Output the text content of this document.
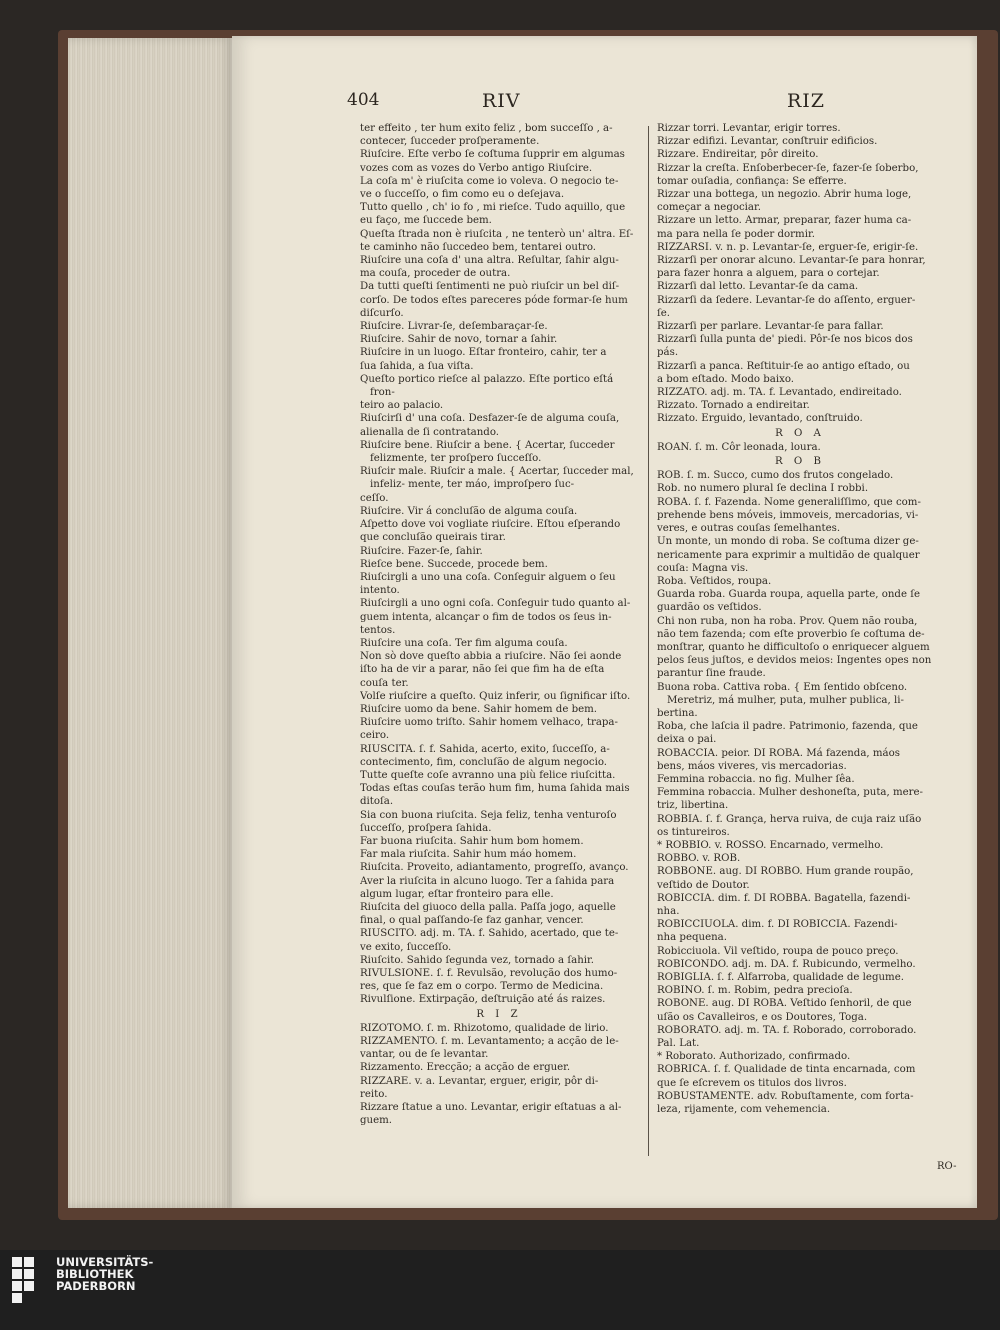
404	RIV	RIZ
ter effeito , ter hum exito feliz , bom succeſſo , a-
contecer, ſucceder proſperamente.
Riuſcire. Eſte verbo ſe coſtuma ſupprir em algumas
vozes com as vozes do Verbo antigo Riuſcire.
La coſa m' è riuſcita come io voleva. O negocio te-
ve o ſucceſſo, o fim como eu o deſejava.
Tutto quello , ch' io fo , mi rieſce. Tudo aquillo, que
eu faço, me ſuccede bem.
Queſta ſtrada non è riuſcita , ne tenterò un' altra. Eſ-
te caminho não ſuccedeo bem, tentarei outro.
Riuſcire una coſa d' una altra. Reſultar, ſahir algu-
ma couſa, proceder de outra.
Da tutti queſti ſentimenti ne può riuſcir un bel diſ-
corſo. De todos eſtes pareceres póde formar-ſe hum
diſcurſo.
Riuſcire. Livrar-ſe, deſembaraçar-ſe.
Riuſcire. Sahir de novo, tornar a ſahir.
Riuſcire in un luogo. Eſtar fronteiro, cahir, ter a
ſua ſahida, a ſua viſta.
Queſto portico rieſce al palazzo. Eſte portico eſtá fron-
teiro ao palacio.
Riuſcirſi d' una coſa. Desfazer-ſe de alguma couſa,
alienalla de ſi contratando.
Riuſcire bene. Riuſcir a bene. { Acertar, ſucceder felizmente, ter proſpero ſucceſſo.
Riuſcir male. Riuſcir a male. { Acertar, ſucceder mal, infeliz- mente, ter máo, improſpero ſuc-
ceſſo.
Riuſcire. Vir á concluſão de alguma couſa.
Aſpetto dove voi vogliate riuſcire. Eſtou eſperando
que concluſão queirais tirar.
Riuſcire. Fazer-ſe, ſahir.
Rieſce bene. Succede, procede bem.
Riuſcirgli a uno una coſa. Conſeguir alguem o ſeu
intento.
Riuſcirgli a uno ogni coſa. Conſeguir tudo quanto al-
guem intenta, alcançar o fim de todos os ſeus in-
tentos.
Riuſcire una coſa. Ter fim alguma couſa.
Non sò dove queſto abbia a riuſcire. Não ſei aonde
iſto ha de vir a parar, não ſei que fim ha de eſta
couſa ter.
Volſe riuſcire a queſto. Quiz inferir, ou ſignificar iſto.
Riuſcire uomo da bene. Sahir homem de bem.
Riuſcire uomo triſto. Sahir homem velhaco, trapa-
ceiro.
RIUSCITA. ſ. f. Sahida, acerto, exito, ſucceſſo, a-
contecimento, fim, concluſão de algum negocio.
Tutte queſte coſe avranno una più felice riuſcitta.
Todas eſtas couſas terão hum fim, huma ſahida mais
ditoſa.
Sia con buona riuſcita. Seja feliz, tenha venturoſo
ſucceſſo, proſpera ſahida.
Far buona riuſcita. Sahir hum bom homem.
Far mala riuſcita. Sahir hum máo homem.
Riuſcita. Proveito, adiantamento, progreſſo, avanço.
Aver la riuſcita in alcuno luogo. Ter a ſahida para
algum lugar, eſtar fronteiro para elle.
Riuſcita del giuoco della palla. Paſſa jogo, aquelle
final, o qual paſſando-ſe faz ganhar, vencer.
RIUSCITO. adj. m. TA. f. Sahido, acertado, que te-
ve exito, ſucceſſo.
Riuſcito. Sahido ſegunda vez, tornado a ſahir.
RIVULSIONE. ſ. f. Revulsão, revolução dos humo-
res, que ſe faz em o corpo. Termo de Medicina.
Rivulſione. Extirpação, deſtruição até ás raizes.
R I Z
RIZOTOMO. ſ. m. Rhizotomo, qualidade de lirio.
RIZZAMENTO. ſ. m. Levantamento; a acção de le-
vantar, ou de ſe levantar.
Rizzamento. Erecção; a acção de erguer.
RIZZARE. v. a. Levantar, erguer, erigir, pôr di-
reito.
Rizzare ſtatue a uno. Levantar, erigir eſtatuas a al-
guem.
Rizzar torri. Levantar, erigir torres.
Rizzar edifizi. Levantar, conſtruir edificios.
Rizzare. Endireitar, pôr direito.
Rizzar la creſta. Enſoberbecer-ſe, fazer-ſe ſoberbo,
tomar ouſadia, confiança: Se efferre.
Rizzar una bottega, un negozio. Abrir huma loge,
começar a negociar.
Rizzare un letto. Armar, preparar, fazer huma ca-
ma para nella ſe poder dormir.
RIZZARSI. v. n. p. Levantar-ſe, erguer-ſe, erigir-ſe.
Rizzarſi per onorar alcuno. Levantar-ſe para honrar,
para fazer honra a alguem, para o cortejar.
Rizzarſi dal letto. Levantar-ſe da cama.
Rizzarſi da ſedere. Levantar-ſe do aſſento, erguer-
ſe.
Rizzarſi per parlare. Levantar-ſe para fallar.
Rizzarſi ſulla punta de' piedi. Pôr-ſe nos bicos dos
pás.
Rizzarſi a panca. Reſtituir-ſe ao antigo eſtado, ou
a bom eſtado. Modo baixo.
RIZZATO. adj. m. TA. f. Levantado, endireitado.
Rizzato. Tornado a endireitar.
Rizzato. Erguido, levantado, conſtruido.
R O A
ROAN. ſ. m. Côr leonada, loura.
R O B
ROB. ſ. m. Succo, cumo dos frutos congelado.
Rob. no numero plural ſe declina I robbi.
ROBA. ſ. f. Fazenda. Nome generaliſſimo, que com-
prehende bens móveis, immoveis, mercadorias, vi-
veres, e outras couſas ſemelhantes.
Un monte, un mondo di roba. Se coſtuma dizer ge-
nericamente para exprimir a multidão de qualquer
couſa: Magna vis.
Roba. Veſtidos, roupa.
Guarda roba. Guarda roupa, aquella parte, onde ſe
guardão os veſtidos.
Chi non ruba, non ha roba. Prov. Quem não rouba,
não tem fazenda; com eſte proverbio ſe coſtuma de-
monſtrar, quanto he difficultoſo o enriquecer alguem
pelos ſeus juſtos, e devidos meios: Ingentes opes non
parantur ſine fraude.
Buona roba. Cattiva roba. { Em ſentido obſceno. Meretriz, má mulher, puta, mulher publica, li-
bertina.
Roba, che laſcia il padre. Patrimonio, fazenda, que
deixa o pai.
ROBACCIA. peior. DI ROBA. Má fazenda, máos
bens, máos viveres, vis mercadorias.
Femmina robaccia. no fig. Mulher ſêa.
Femmina robaccia. Mulher deshoneſta, puta, mere-
triz, libertina.
ROBBIA. ſ. f. Grança, herva ruiva, de cuja raiz uſão
os tintureiros.
* ROBBIO. v. ROSSO. Encarnado, vermelho.
ROBBO. v. ROB.
ROBBONE. aug. DI ROBBO. Hum grande roupão,
veſtido de Doutor.
ROBICCIA. dim. f. DI ROBBA. Bagatella, fazendi-
nha.
ROBICCIUOLA. dim. f. DI ROBICCIA. Fazendi-
nha pequena.
Robicciuola. Vil veſtido, roupa de pouco preço.
ROBICONDO. adj. m. DA. f. Rubicundo, vermelho.
ROBIGLIA. ſ. f. Alfarroba, qualidade de legume.
ROBINO. ſ. m. Robim, pedra precioſa.
ROBONE. aug. DI ROBA. Veſtido ſenhoril, de que
uſão os Cavalleiros, e os Doutores, Toga.
ROBORATO. adj. m. TA. f. Roborado, corroborado.
Pal. Lat.
* Roborato. Authorizado, confirmado.
ROBRICA. ſ. f. Qualidade de tinta encarnada, com
que ſe eſcrevem os titulos dos livros.
ROBUSTAMENTE. adv. Robuſtamente, com forta-
leza, rijamente, com vehemencia.
RO-
UNIVERSITÄTS-
BIBLIOTHEK
PADERBORN
